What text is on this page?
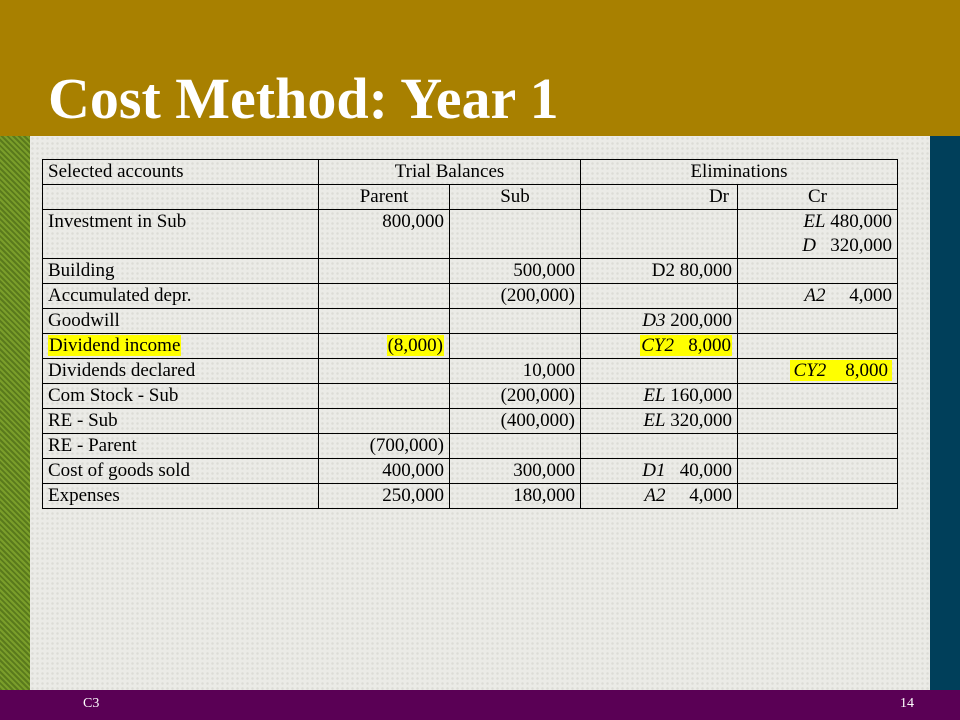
Cost Method: Year 1
Selected accounts	Trial Balances		Eliminations	
	Parent	Sub	Dr	Cr
Investment in Sub	800,000			EL 480,000
D 320,000

Building		500,000	D2 80,000	
Accumulated depr.		(200,000)		A2 4,000
Goodwill			D3 200,000	
Dividend income	(8,000)		CY2 8,000	
Dividends declared		10,000		CY2 8,000
Com Stock - Sub		(200,000)	EL 160,000	
RE - Sub		(400,000)	EL 320,000	
RE - Parent	(700,000)			
Cost of goods sold	400,000	300,000	D1 40,000	
Expenses	250,000	180,000	A2 4,000	
C3	14
